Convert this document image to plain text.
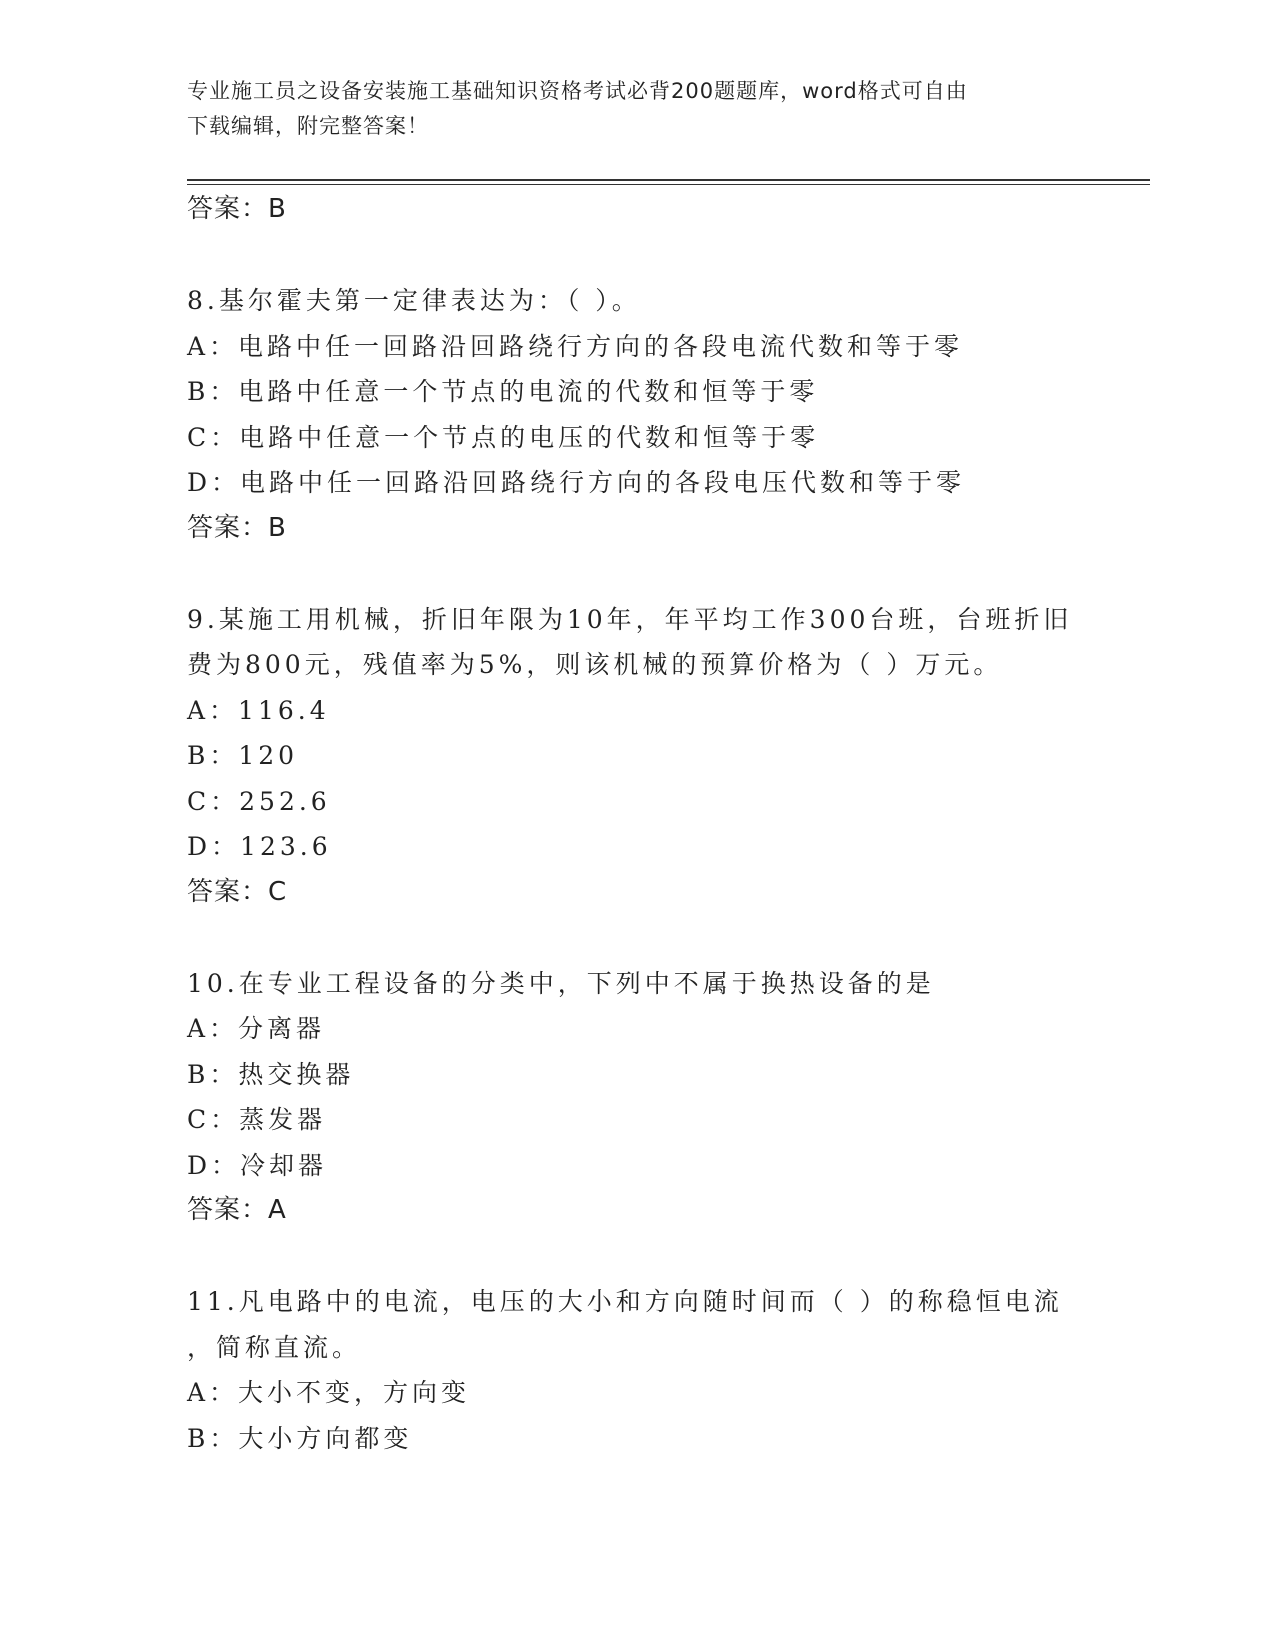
专业施工员之设备安装施工基础知识资格考试必背200题题库，word格式可自由
下载编辑，附完整答案！
答案：B
8.基尔霍夫第一定律表达为：（ ）。
A：电路中任一回路沿回路绕行方向的各段电流代数和等于零
B：电路中任意一个节点的电流的代数和恒等于零
C：电路中任意一个节点的电压的代数和恒等于零
D：电路中任一回路沿回路绕行方向的各段电压代数和等于零
答案：B
9.某施工用机械，折旧年限为10年，年平均工作300台班，台班折旧
费为800元，残值率为5%，则该机械的预算价格为（ ）万元。
A：116.4
B：120
C：252.6
D：123.6
答案：C
10.在专业工程设备的分类中，下列中不属于换热设备的是
A：分离器
B：热交换器
C：蒸发器
D：冷却器
答案：A
11.凡电路中的电流，电压的大小和方向随时间而（ ）的称稳恒电流
，简称直流。
A：大小不变，方向变
B：大小方向都变
